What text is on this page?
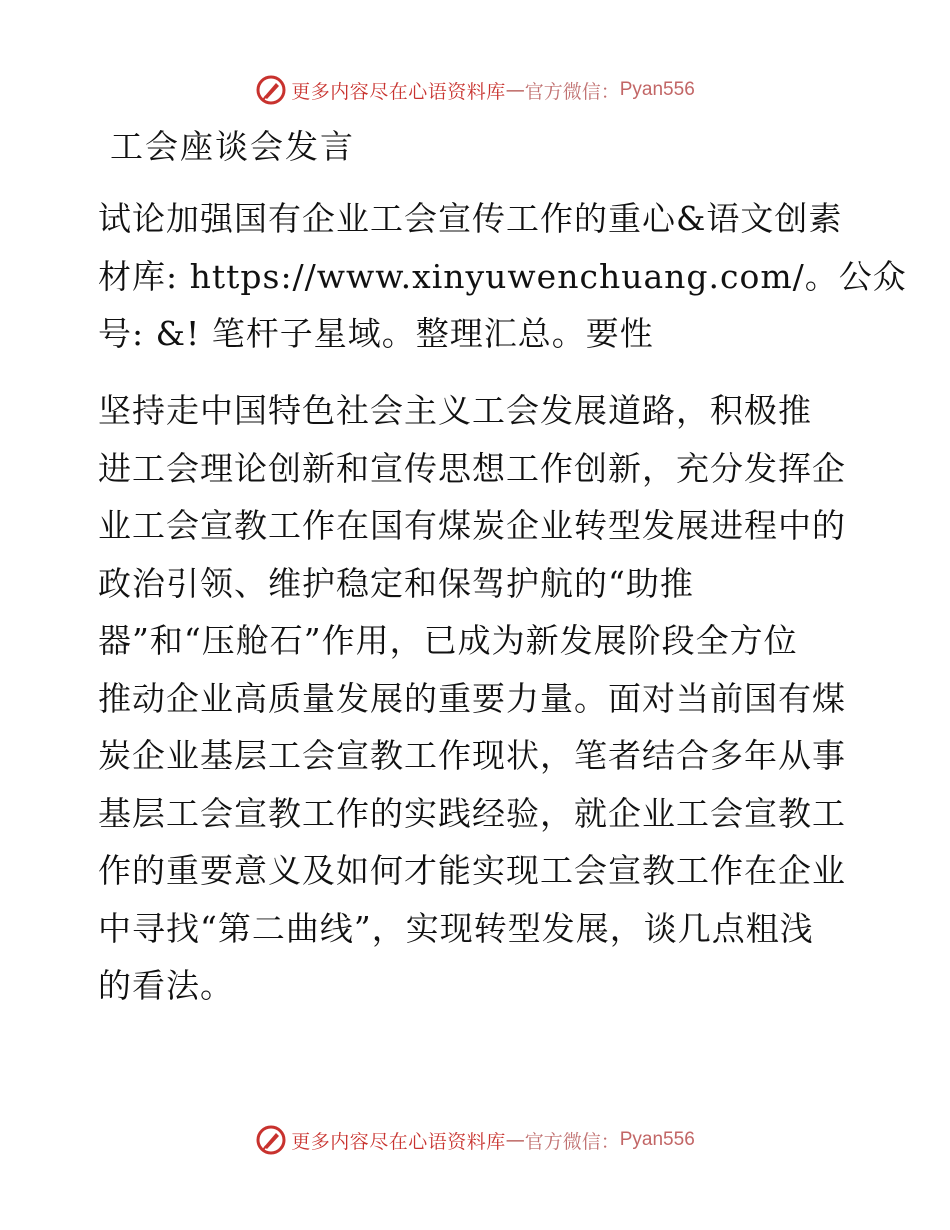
更多内容尽在心语资料库 — 官方微信： Pyan556
工会座谈会发言
试论加强国有企业工会宣传工作的重心&语文创素
材库: https://www.xinyuwenchuang.com/。公众
号: &! 笔杆子星域。整理汇总。要性
坚持走中国特色社会主义工会发展道路，积极推
进工会理论创新和宣传思想工作创新，充分发挥企
业工会宣教工作在国有煤炭企业转型发展进程中的
政治引领、维护稳定和保驾护航的“助推
器”和“压舱石”作用，已成为新发展阶段全方位
推动企业高质量发展的重要力量。面对当前国有煤
炭企业基层工会宣教工作现状，笔者结合多年从事
基层工会宣教工作的实践经验，就企业工会宣教工
作的重要意义及如何才能实现工会宣教工作在企业
中寻找“第二曲线”，实现转型发展，谈几点粗浅
的看法。
更多内容尽在心语资料库 — 官方微信： Pyan556
